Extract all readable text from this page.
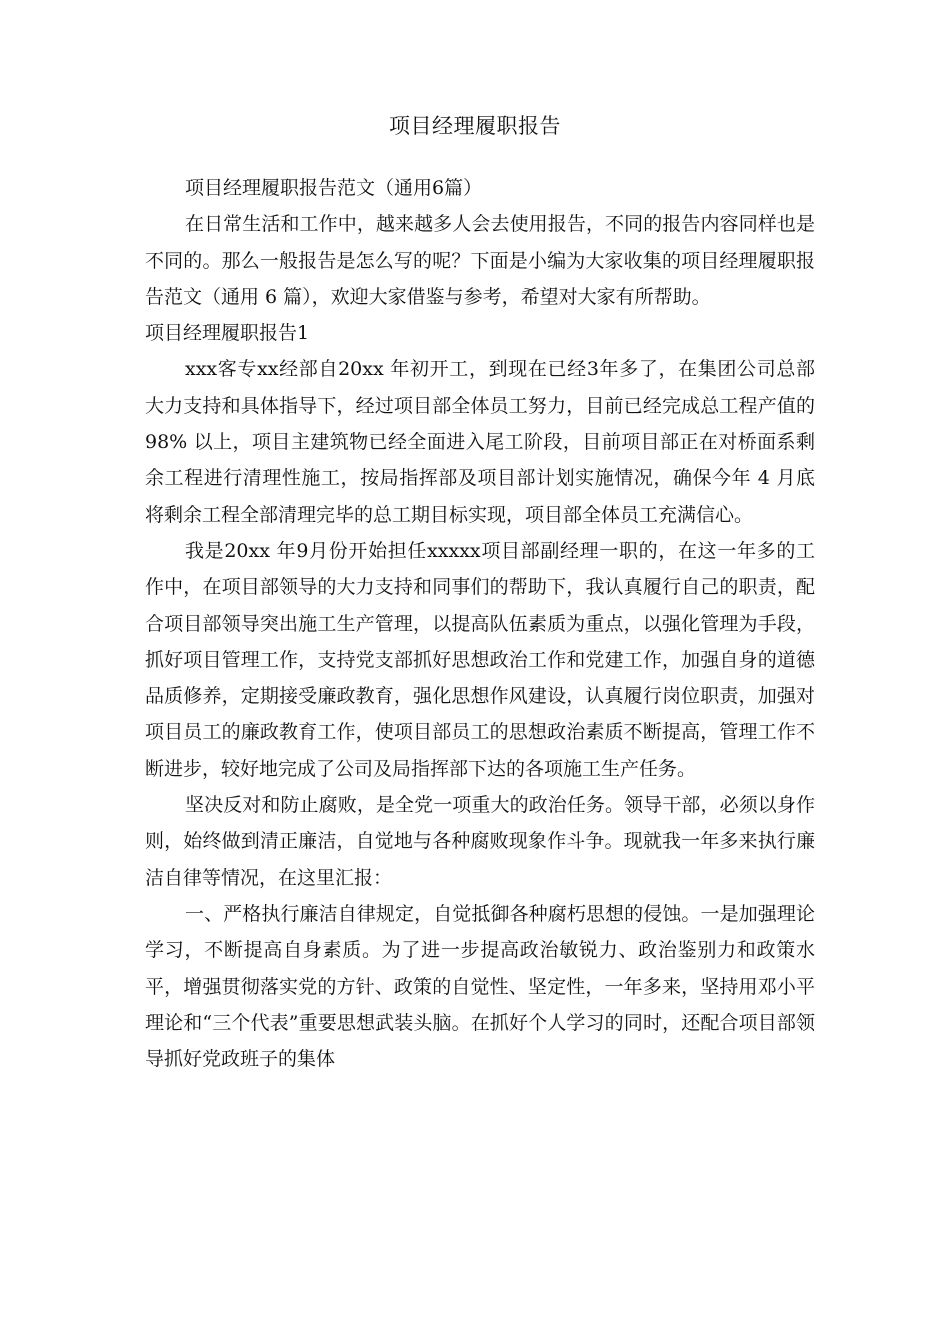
项目经理履职报告

项目经理履职报告范文（通用6篇）

在日常生活和工作中，越来越多人会去使用报告，不同的报告内容同样也是不同的。那么一般报告是怎么写的呢？下面是小编为大家收集的项目经理履职报告范文（通用 6 篇），欢迎大家借鉴与参考，希望对大家有所帮助。

项目经理履职报告1

xxx客专xx经部自20xx 年初开工，到现在已经3年多了，在集团公司总部大力支持和具体指导下，经过项目部全体员工努力，目前已经完成总工程产值的 98% 以上，项目主建筑物已经全面进入尾工阶段，目前项目部正在对桥面系剩余工程进行清理性施工，按局指挥部及项目部计划实施情况，确保今年 4 月底将剩余工程全部清理完毕的总工期目标实现，项目部全体员工充满信心。

我是20xx 年9月份开始担任xxxxx项目部副经理一职的，在这一年多的工作中，在项目部领导的大力支持和同事们的帮助下，我认真履行自己的职责，配合项目部领导突出施工生产管理，以提高队伍素质为重点，以强化管理为手段，抓好项目管理工作，支持党支部抓好思想政治工作和党建工作，加强自身的道德品质修养，定期接受廉政教育，强化思想作风建设，认真履行岗位职责，加强对项目员工的廉政教育工作，使项目部员工的思想政治素质不断提高，管理工作不断进步，较好地完成了公司及局指挥部下达的各项施工生产任务。

坚决反对和防止腐败，是全党一项重大的政治任务。领导干部，必须以身作则，始终做到清正廉洁，自觉地与各种腐败现象作斗争。现就我一年多来执行廉洁自律等情况，在这里汇报：

一、严格执行廉洁自律规定，自觉抵御各种腐朽思想的侵蚀。一是加强理论学习，不断提高自身素质。为了进一步提高政治敏锐力、政治鉴别力和政策水平，增强贯彻落实党的方针、政策的自觉性、坚定性，一年多来，坚持用邓小平理论和“三个代表”重要思想武装头脑。在抓好个人学习的同时，还配合项目部领导抓好党政班子的集体
